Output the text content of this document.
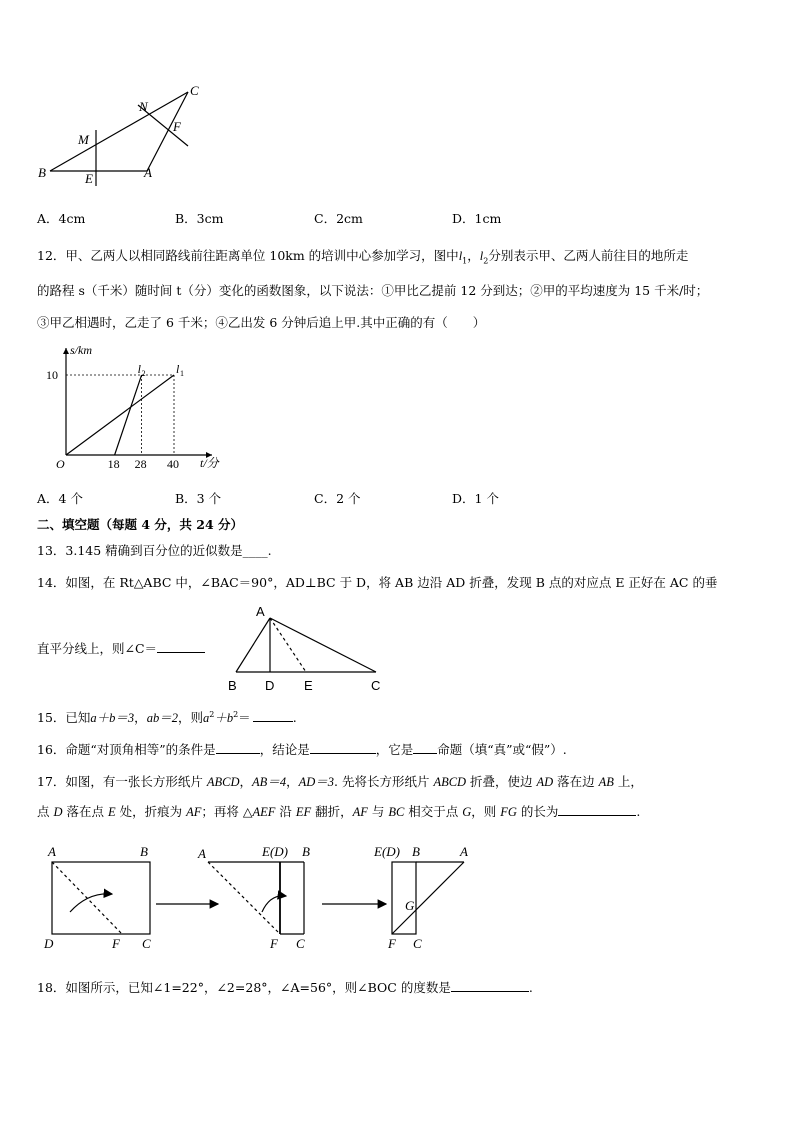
C
N
F
M
B	E	A
A．4cm	B．3cm	C．2cm	D．1cm
12．甲、乙两人以相同路线前往距离单位 10km 的培训中心参加学习，图中$l_1$，$l_2$分别表示甲、乙两人前往目的地所走
的路程 s（千米）随时间 t（分）变化的函数图象，以下说法：①甲比乙提前 12 分到达；②甲的平均速度为 15 千米/时；
③甲乙相遇时，乙走了 6 千米；④乙出发 6 分钟后追上甲.其中正确的有（　　）
s/km
t/分
O
10
18 28 40
l 1
l 2
A．4 个	B．3 个	C．2 个	D．1 个
二、填空题（每题 4 分，共 24 分）
13．3.145 精确到百分位的近似数是____.
14．如图，在 Rt△ABC 中，∠BAC＝90°，AD⊥BC 于 D，将 AB 边沿 AD 折叠，发现 B 点的对应点 E 正好在 AC 的垂
直平分线上，则∠C＝
A
B D E	C
15．已知a＋b＝3，ab＝2，则$a^2+b^2=$	.
16．命题“对顶角相等”的条件是	，结论是	，它是 命题（填“真”或“假”）.
17．如图，有一张长方形纸片 ABCD，AB＝4，AD＝3. 先将长方形纸片 ABCD 折叠，使边 AD 落在边 AB 上，
点 D 落在点 E 处，折痕为 AF；再将 △AEF 沿 EF 翻折，AF 与 BC 相交于点 G，则 FG 的长为	.
A	B
D	F C
A	E(D) B
F C
E(D) B	A
G
F C
18．如图所示，已知∠1=22°，∠2=28°，∠A=56°，则∠BOC 的度数是	.
